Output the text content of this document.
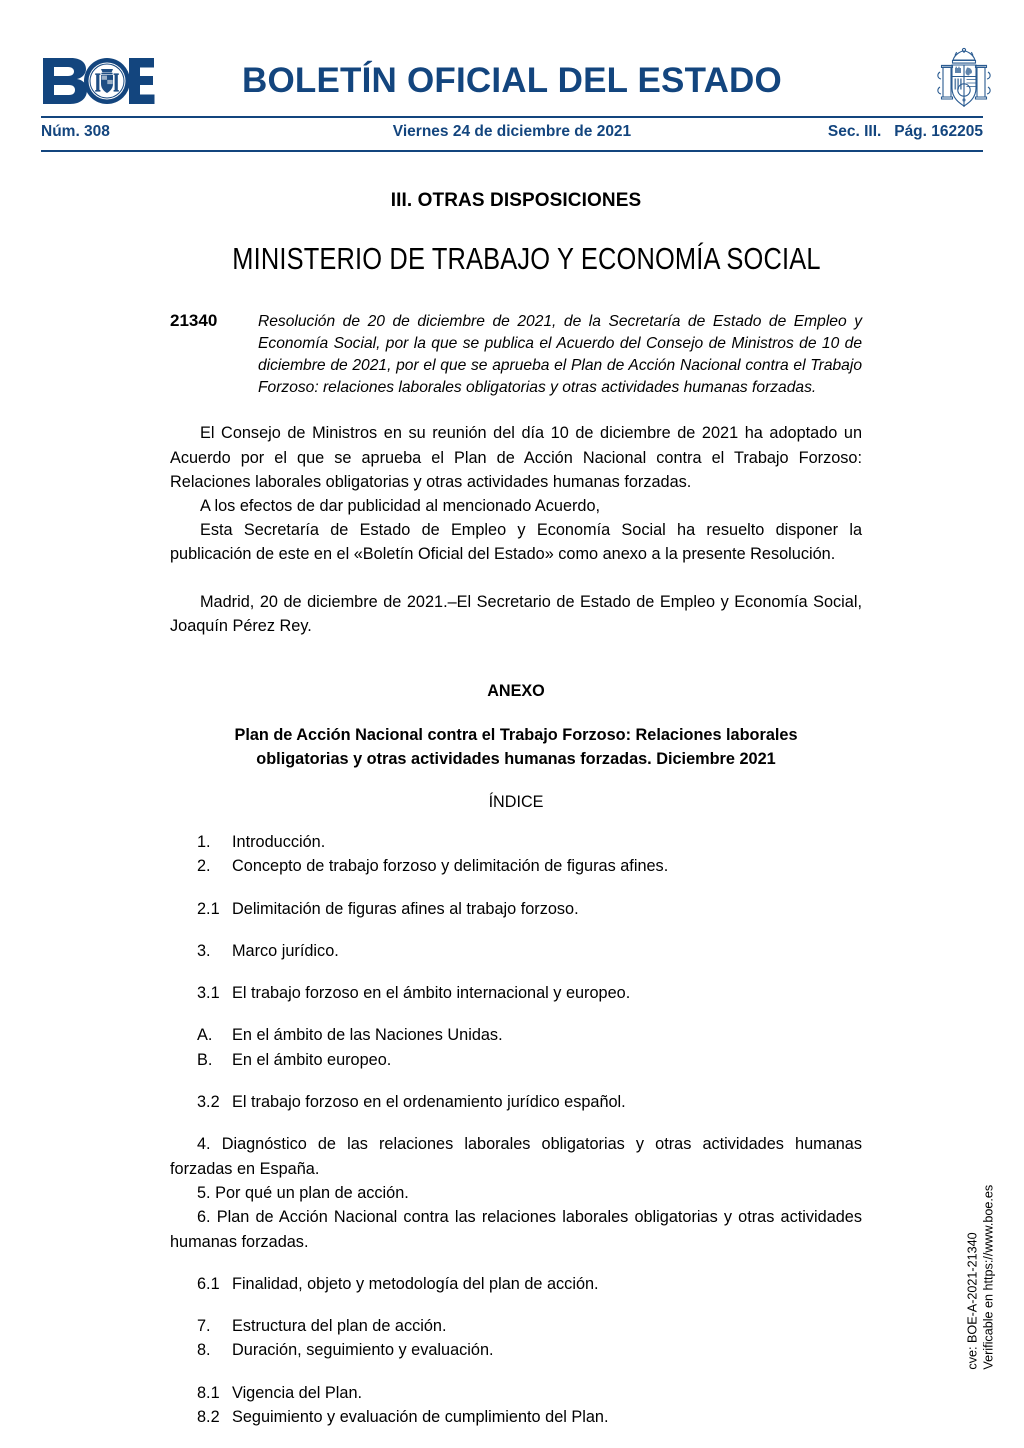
BOLETÍN OFICIAL DEL ESTADO
Núm. 308	Viernes 24 de diciembre de 2021	Sec. III.   Pág. 162205
III. OTRAS DISPOSICIONES
MINISTERIO DE TRABAJO Y ECONOMÍA SOCIAL
21340	Resolución de 20 de diciembre de 2021, de la Secretaría de Estado de Empleo y Economía Social, por la que se publica el Acuerdo del Consejo de Ministros de 10 de diciembre de 2021, por el que se aprueba el Plan de Acción Nacional contra el Trabajo Forzoso: relaciones laborales obligatorias y otras actividades humanas forzadas.

El Consejo de Ministros en su reunión del día 10 de diciembre de 2021 ha adoptado un Acuerdo por el que se aprueba el Plan de Acción Nacional contra el Trabajo Forzoso: Relaciones laborales obligatorias y otras actividades humanas forzadas.

A los efectos de dar publicidad al mencionado Acuerdo,

Esta Secretaría de Estado de Empleo y Economía Social ha resuelto disponer la publicación de este en el «Boletín Oficial del Estado» como anexo a la presente Resolución.

Madrid, 20 de diciembre de 2021.–El Secretario de Estado de Empleo y Economía Social, Joaquín Pérez Rey.

ANEXO
Plan de Acción Nacional contra el Trabajo Forzoso: Relaciones laborales obligatorias y otras actividades humanas forzadas. Diciembre 2021
ÍNDICE
1.	Introducción.
2.	Concepto de trabajo forzoso y delimitación de figuras afines.
2.1 Delimitación de figuras afines al trabajo forzoso.
3.	Marco jurídico.
3.1 El trabajo forzoso en el ámbito internacional y europeo.
A.	En el ámbito de las Naciones Unidas.
B.	En el ámbito europeo.
3.2 El trabajo forzoso en el ordenamiento jurídico español.

4. Diagnóstico de las relaciones laborales obligatorias y otras actividades humanas forzadas en España.

5. Por qué un plan de acción.

6. Plan de Acción Nacional contra las relaciones laborales obligatorias y otras actividades humanas forzadas.

6.1 Finalidad, objeto y metodología del plan de acción.
7.	Estructura del plan de acción.
8.	Duración, seguimiento y evaluación.
8.1 Vigencia del Plan.
8.2 Seguimiento y evaluación de cumplimiento del Plan.
cve: BOE-A-2021-21340 Verificable en https://www.boe.es
